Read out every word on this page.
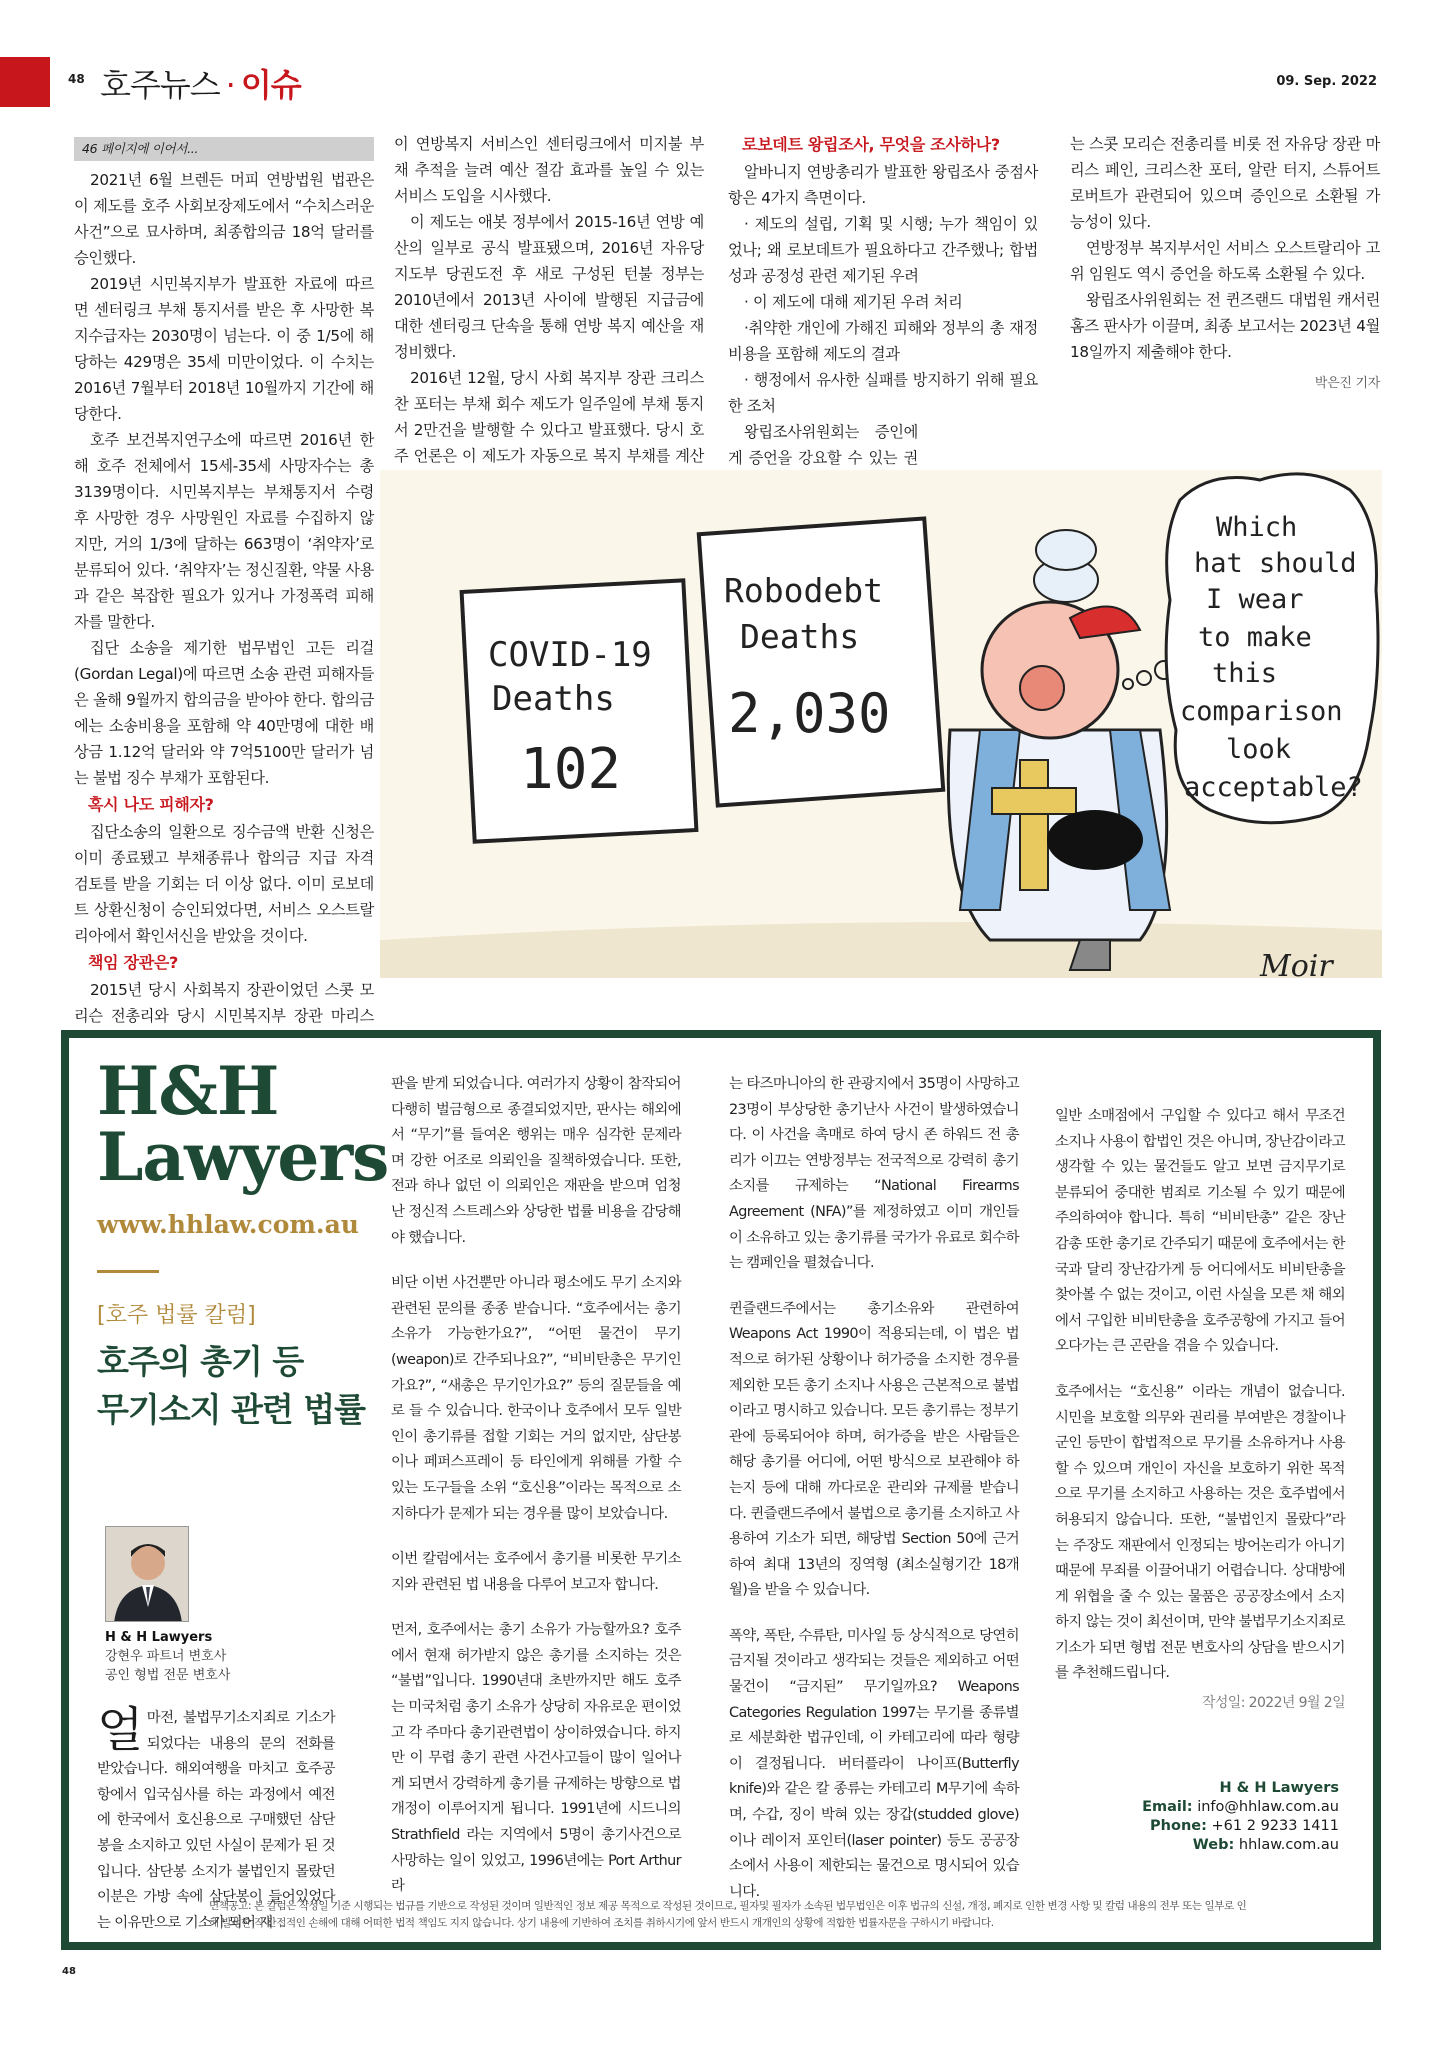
48 호주뉴스 · 이슈	09. Sep. 2022
46 페이지에 이어서...

2021년 6월 브렌든 머피 연방법원 법관은 이 제도를 호주 사회보장제도에서 “수치스러운 사건”으로 묘사하며, 최종합의금 18억 달러를 승인했다.

2019년 시민복지부가 발표한 자료에 따르면 센터링크 부채 통지서를 받은 후 사망한 복지수급자는 2030명이 넘는다. 이 중 1/5에 해당하는 429명은 35세 미만이었다. 이 수치는 2016년 7월부터 2018년 10월까지 기간에 해당한다.

호주 보건복지연구소에 따르면 2016년 한해 호주 전체에서 15세-35세 사망자수는 총 3139명이다. 시민복지부는 부채통지서 수령 후 사망한 경우 사망원인 자료를 수집하지 않지만, 거의 1/3에 달하는 663명이 ‘취약자’로 분류되어 있다. ‘취약자’는 정신질환, 약물 사용과 같은 복잡한 필요가 있거나 가정폭력 피해자를 말한다.

집단 소송을 제기한 법무법인 고든 리걸(Gordan Legal)에 따르면 소송 관련 피해자들은 올해 9월까지 합의금을 받아야 한다. 합의금에는 소송비용을 포함해 약 40만명에 대한 배상금 1.12억 달러와 약 7억5100만 달러가 넘는 불법 징수 부채가 포함된다.

혹시 나도 피해자?

집단소송의 일환으로 징수금액 반환 신청은 이미 종료됐고 부채종류나 합의금 지급 자격 검토를 받을 기회는 더 이상 없다. 이미 로보데트 상환신청이 승인되었다면, 서비스 오스트랄리아에서 확인서신을 받았을 것이다.

책임 장관은?

2015년 당시 사회복지 장관이었던 스콧 모리슨 전총리와 당시 시민복지부 장관 마리스

이 연방복지 서비스인 센터링크에서 미지불 부채 추적을 늘려 예산 절감 효과를 높일 수 있는 서비스 도입을 시사했다.

이 제도는 애봇 정부에서 2015-16년 연방 예산의 일부로 공식 발표됐으며, 2016년 자유당 지도부 당권도전 후 새로 구성된 턴불 정부는 2010년에서 2013년 사이에 발행된 지급금에 대한 센터링크 단속을 통해 연방 복지 예산을 재정비했다.

2016년 12월, 당시 사회 복지부 장관 크리스찬 포터는 부채 회수 제도가 일주일에 부채 통지서 2만건을 발행할 수 있다고 발표했다. 당시 호주 언론은 이 제도가 자동으로 복지 부채를 계산

로보데트 왕립조사, 무엇을 조사하나?

알바니지 연방총리가 발표한 왕립조사 중점사항은 4가지 측면이다.

· 제도의 설립, 기획 및 시행; 누가 책임이 있었나; 왜 로보데트가 필요하다고 간주했나; 합법성과 공정성 관련 제기된 우려

· 이 제도에 대해 제기된 우려 처리

·취약한 개인에 가해진 피해와 정부의 총 재정 비용을 포함해 제도의 결과

· 행정에서 유사한 실패를 방지하기 위해 필요한 조처

왕립조사위원회는 증인에게 증언을 강요할 수 있는 권

는 스콧 모리슨 전총리를 비롯 전 자유당 장관 마리스 페인, 크리스찬 포터, 알란 터지, 스튜어트 로버트가 관련되어 있으며 증인으로 소환될 가능성이 있다.

연방정부 복지부서인 서비스 오스트랄리아 고위 임원도 역시 증언을 하도록 소환될 수 있다.

왕립조사위원회는 전 퀸즈랜드 대법원 캐서린 홈즈 판사가 이끌며, 최종 보고서는 2023년 4월 18일까지 제출해야 한다.

박은진 기자
COVID-19
Deaths
102
Robodebt
Deaths
2,030
Which
hat should
I wear
to make
this
comparison
look
acceptable?
Moir
H&H
Lawyers
www.hhlaw.com.au
[호주 법률 칼럼]
호주의 총기 등
무기소지 관련 법률
H & H Lawyers
강현우 파트너 변호사
공인 형법 전문 변호사
얼마전, 불법무기소지죄로 기소가 되었다는 내용의 문의 전화를 받았습니다. 해외여행을 마치고 호주공항에서 입국심사를 하는 과정에서 예전에 한국에서 호신용으로 구매했던 삼단봉을 소지하고 있던 사실이 문제가 된 것입니다. 삼단봉 소지가 불법인지 몰랐던 이분은 가방 속에 삼단봉이 들어있었다는 이유만으로 기소가 되어 재

판을 받게 되었습니다. 여러가지 상황이 참작되어 다행히 벌금형으로 종결되었지만, 판사는 해외에서 “무기”를 들여온 행위는 매우 심각한 문제라며 강한 어조로 의뢰인을 질책하였습니다. 또한, 전과 하나 없던 이 의뢰인은 재판을 받으며 엄청난 정신적 스트레스와 상당한 법률 비용을 감당해야 했습니다.

비단 이번 사건뿐만 아니라 평소에도 무기 소지와 관련된 문의를 종종 받습니다. “호주에서는 총기 소유가 가능한가요?”, “어떤 물건이 무기(weapon)로 간주되나요?”, “비비탄총은 무기인가요?”, “새총은 무기인가요?” 등의 질문들을 예로 들 수 있습니다. 한국이나 호주에서 모두 일반인이 총기류를 접할 기회는 거의 없지만, 삼단봉이나 페퍼스프레이 등 타인에게 위해를 가할 수 있는 도구들을 소위 “호신용”이라는 목적으로 소지하다가 문제가 되는 경우를 많이 보았습니다.

이번 칼럼에서는 호주에서 총기를 비롯한 무기소지와 관련된 법 내용을 다루어 보고자 합니다.

먼저, 호주에서는 총기 소유가 가능할까요? 호주에서 현재 허가받지 않은 총기를 소지하는 것은 “불법”입니다. 1990년대 초반까지만 해도 호주는 미국처럼 총기 소유가 상당히 자유로운 편이었고 각 주마다 총기관련법이 상이하였습니다. 하지만 이 무렵 총기 관련 사건사고들이 많이 일어나게 되면서 강력하게 총기를 규제하는 방향으로 법 개정이 이루어지게 됩니다. 1991년에 시드니의 Strathfield 라는 지역에서 5명이 총기사건으로 사망하는 일이 있었고, 1996년에는 Port Arthur 라

는 타즈마니아의 한 관광지에서 35명이 사망하고 23명이 부상당한 총기난사 사건이 발생하였습니다. 이 사건을 촉매로 하여 당시 존 하워드 전 총리가 이끄는 연방정부는 전국적으로 강력히 총기소지를 규제하는 “National Firearms Agreement (NFA)”를 제정하였고 이미 개인들이 소유하고 있는 총기류를 국가가 유료로 회수하는 캠페인을 펼쳤습니다.

퀸즐랜드주에서는 총기소유와 관련하여 Weapons Act 1990이 적용되는데, 이 법은 법적으로 허가된 상황이나 허가증을 소지한 경우를 제외한 모든 총기 소지나 사용은 근본적으로 불법이라고 명시하고 있습니다. 모든 총기류는 정부기관에 등록되어야 하며, 허가증을 받은 사람들은 해당 총기를 어디에, 어떤 방식으로 보관해야 하는지 등에 대해 까다로운 관리와 규제를 받습니다. 퀸즐랜드주에서 불법으로 총기를 소지하고 사용하여 기소가 되면, 해당법 Section 50에 근거하여 최대 13년의 징역형 (최소실형기간 18개월)을 받을 수 있습니다.

폭약, 폭탄, 수류탄, 미사일 등 상식적으로 당연히 금지될 것이라고 생각되는 것들은 제외하고 어떤 물건이 “금지된” 무기일까요? Weapons Categories Regulation 1997는 무기를 종류별로 세분화한 법규인데, 이 카테고리에 따라 형량이 결정됩니다. 버터플라이 나이프(Butterfly knife)와 같은 칼 종류는 카테고리 M무기에 속하며, 수갑, 징이 박혀 있는 장갑(studded glove)이나 레이저 포인터(laser pointer) 등도 공공장소에서 사용이 제한되는 물건으로 명시되어 있습니다.

일반 소매점에서 구입할 수 있다고 해서 무조건 소지나 사용이 합법인 것은 아니며, 장난감이라고 생각할 수 있는 물건들도 알고 보면 금지무기로 분류되어 중대한 범죄로 기소될 수 있기 때문에 주의하여야 합니다. 특히 “비비탄총” 같은 장난감총 또한 총기로 간주되기 때문에 호주에서는 한국과 달리 장난감가게 등 어디에서도 비비탄총을 찾아볼 수 없는 것이고, 이런 사실을 모른 채 해외에서 구입한 비비탄총을 호주공항에 가지고 들어오다가는 큰 곤란을 겪을 수 있습니다.

호주에서는 “호신용” 이라는 개념이 없습니다. 시민을 보호할 의무와 권리를 부여받은 경찰이나 군인 등만이 합법적으로 무기를 소유하거나 사용할 수 있으며 개인이 자신을 보호하기 위한 목적으로 무기를 소지하고 사용하는 것은 호주법에서 허용되지 않습니다. 또한, “불법인지 몰랐다”라는 주장도 재판에서 인정되는 방어논리가 아니기 때문에 무죄를 이끌어내기 어렵습니다. 상대방에게 위협을 줄 수 있는 물품은 공공장소에서 소지하지 않는 것이 최선이며, 만약 불법무기소지죄로 기소가 되면 형법 전문 변호사의 상담을 받으시기를 추천해드립니다.

작성일: 2022년 9월 2일
H & H Lawyers
Email: info@hhlaw.com.au
Phone: +61 2 9233 1411
Web: hhlaw.com.au
면책공고: 본 칼럼은 작성일 기준 시행되는 법규를 기반으로 작성된 것이며 일반적인 정보 제공 목적으로 작성된 것이므로, 필자및 필자가 소속된 법무법인은 이후 법규의 신설, 개정, 폐지로 인한 변경 사항 및 칼럼 내용의 전부 또는 일부로 인해 발생한 직·간접적인 손해에 대해 어떠한 법적 책임도 지지 않습니다. 상기 내용에 기반하여 조치를 취하시기에 앞서 반드시 개개인의 상황에 적합한 법률자문을 구하시기 바랍니다.
48
